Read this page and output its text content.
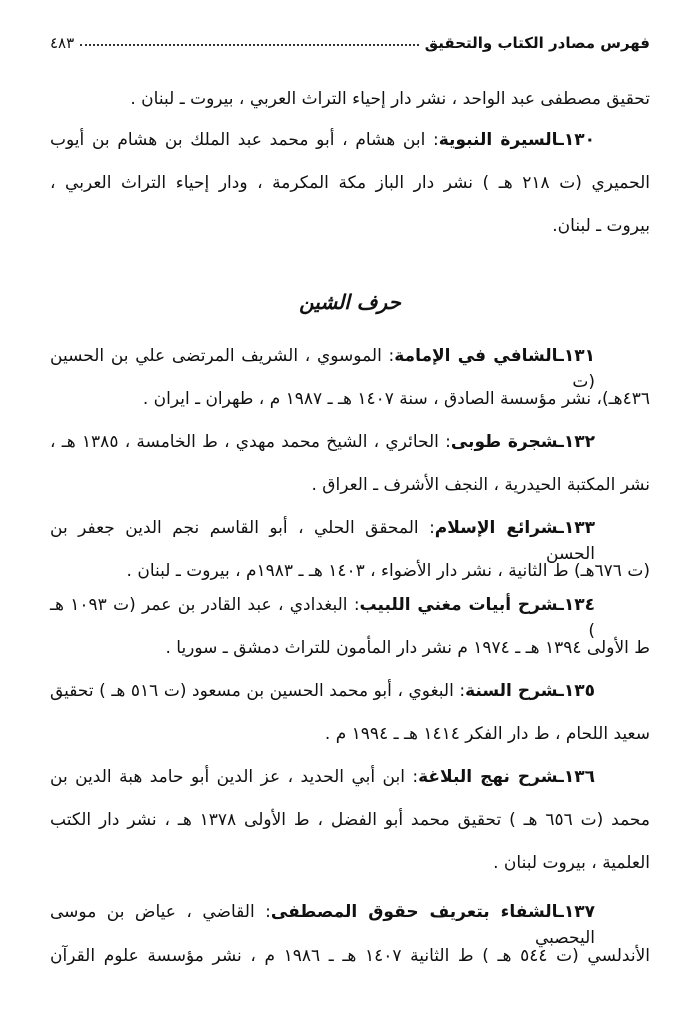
فهرس مصادر الكتاب والتحقيق
٤٨٣
تحقيق مصطفى عبد الواحد ، نشر دار إحياء التراث العربي ، بيروت ـ لبنان .
١٣٠ـالسيرة النبوية: ابن هشام ، أبو محمد عبد الملك بن هشام بن أيوب
الحميري (ت ٢١٨ هـ ) نشر دار الباز مكة المكرمة ، ودار إحياء التراث العربي ،
بيروت ـ لبنان.
حرف الشين
١٣١ـالشافي في الإمامة: الموسوي ، الشريف المرتضى علي بن الحسين (ت
٤٣٦هـ)، نشر مؤسسة الصادق ، سنة ١٤٠٧ هـ ـ ١٩٨٧ م ، طهران ـ ايران .
١٣٢ـشجرة طوبى: الحائري ، الشيخ محمد مهدي ، ط الخامسة ، ١٣٨٥ هـ ،
نشر المكتبة الحيدرية ، النجف الأشرف ـ العراق .
١٣٣ـشرائع الإسلام: المحقق الحلي ، أبو القاسم نجم الدين جعفر بن الحسن
(ت ٦٧٦هـ) ط الثانية ، نشر دار الأضواء ، ١٤٠٣ هـ ـ ١٩٨٣م ، بيروت ـ لبنان .
١٣٤ـشرح أبيات مغني اللبيب: البغدادي ، عبد القادر بن عمر (ت ١٠٩٣ هـ )
ط الأولى ١٣٩٤ هـ ـ ١٩٧٤ م نشر دار المأمون للتراث دمشق ـ سوريا .
١٣٥ـشرح السنة: البغوي ، أبو محمد الحسين بن مسعود (ت ٥١٦ هـ ) تحقيق
سعيد اللحام ، ط دار الفكر ١٤١٤ هـ ـ ١٩٩٤ م .
١٣٦ـشرح نهج البلاغة: ابن أبي الحديد ، عز الدين أبو حامد هبة الدين بن
محمد (ت ٦٥٦ هـ ) تحقيق محمد أبو الفضل ، ط الأولى ١٣٧٨ هـ ، نشر دار الكتب
العلمية ، بيروت لبنان .
١٣٧ـالشفاء بتعريف حقوق المصطفى: القاضي ، عياض بن موسى اليحصبي
الأندلسي (ت ٥٤٤ هـ ) ط الثانية ١٤٠٧ هـ ـ ١٩٨٦ م ، نشر مؤسسة علوم القرآن
